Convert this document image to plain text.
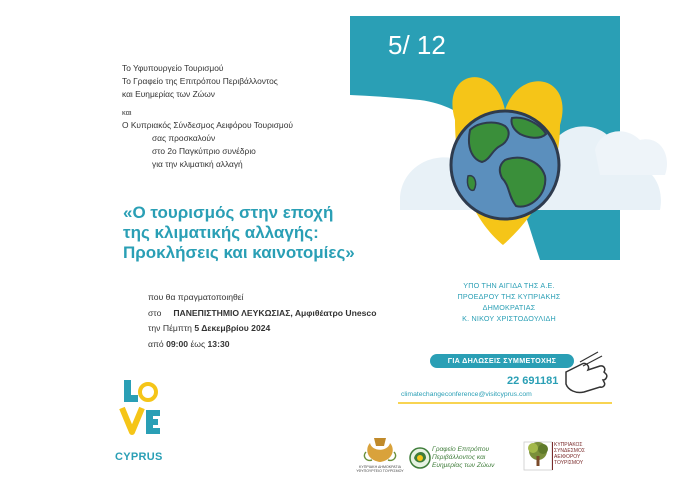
Το Υφυπουργείο Τουρισμού
Το Γραφείο της Επιτρόπου Περιβάλλοντος
και Ευημερίας των Ζώων
και
Ο Κυπριακός Σύνδεσμος Αειφόρου Τουρισμού
σας προσκαλούν
στο 2ο Παγκύπριο συνέδριο
για την κλιματική αλλαγή
«Ο τουρισμός στην εποχή
της κλιματικής αλλαγής:
Προκλήσεις και καινοτομίες»
που θα πραγματοποιηθεί
στο ΠΑΝΕΠΙΣΤΗΜΙΟ ΛΕΥΚΩΣΙΑΣ, Αμφιθέατρο Unesco
την Πέμπτη 5 Δεκεμβρίου 2024
από 09:00 έως 13:30
5/ 12
ΥΠΟ ΤΗΝ ΑΙΓΙΔΑ ΤΗΣ Α.Ε.
ΠΡΟΕΔΡΟΥ ΤΗΣ ΚΥΠΡΙΑΚΗΣ
ΔΗΜΟΚΡΑΤΙΑΣ
Κ. ΝΙΚΟΥ ΧΡΙΣΤΟΔΟΥΛΙΔΗ
ΓΙΑ ΔΗΛΩΣΕΙΣ ΣΥΜΜΕΤΟΧΗΣ
22 691181
climatechangeconference@visitcyprus.com
CYPRUS
ΚΥΠΡΙΑΚΗ ΔΗΜΟΚΡΑΤΙΑ ΥΦΥΠΟΥΡΓΕΙΟ ΤΟΥΡΙΣΜΟΥ
Γραφείο Επιτρόπου
Περιβάλλοντος και
Ευημερίας των Ζώων
ΚΥΠΡΙΑΚΟΣ
ΣΥΝΔΕΣΜΟΣ
ΑΕΙΦΟΡΟΥ
ΤΟΥΡΙΣΜΟΥ
